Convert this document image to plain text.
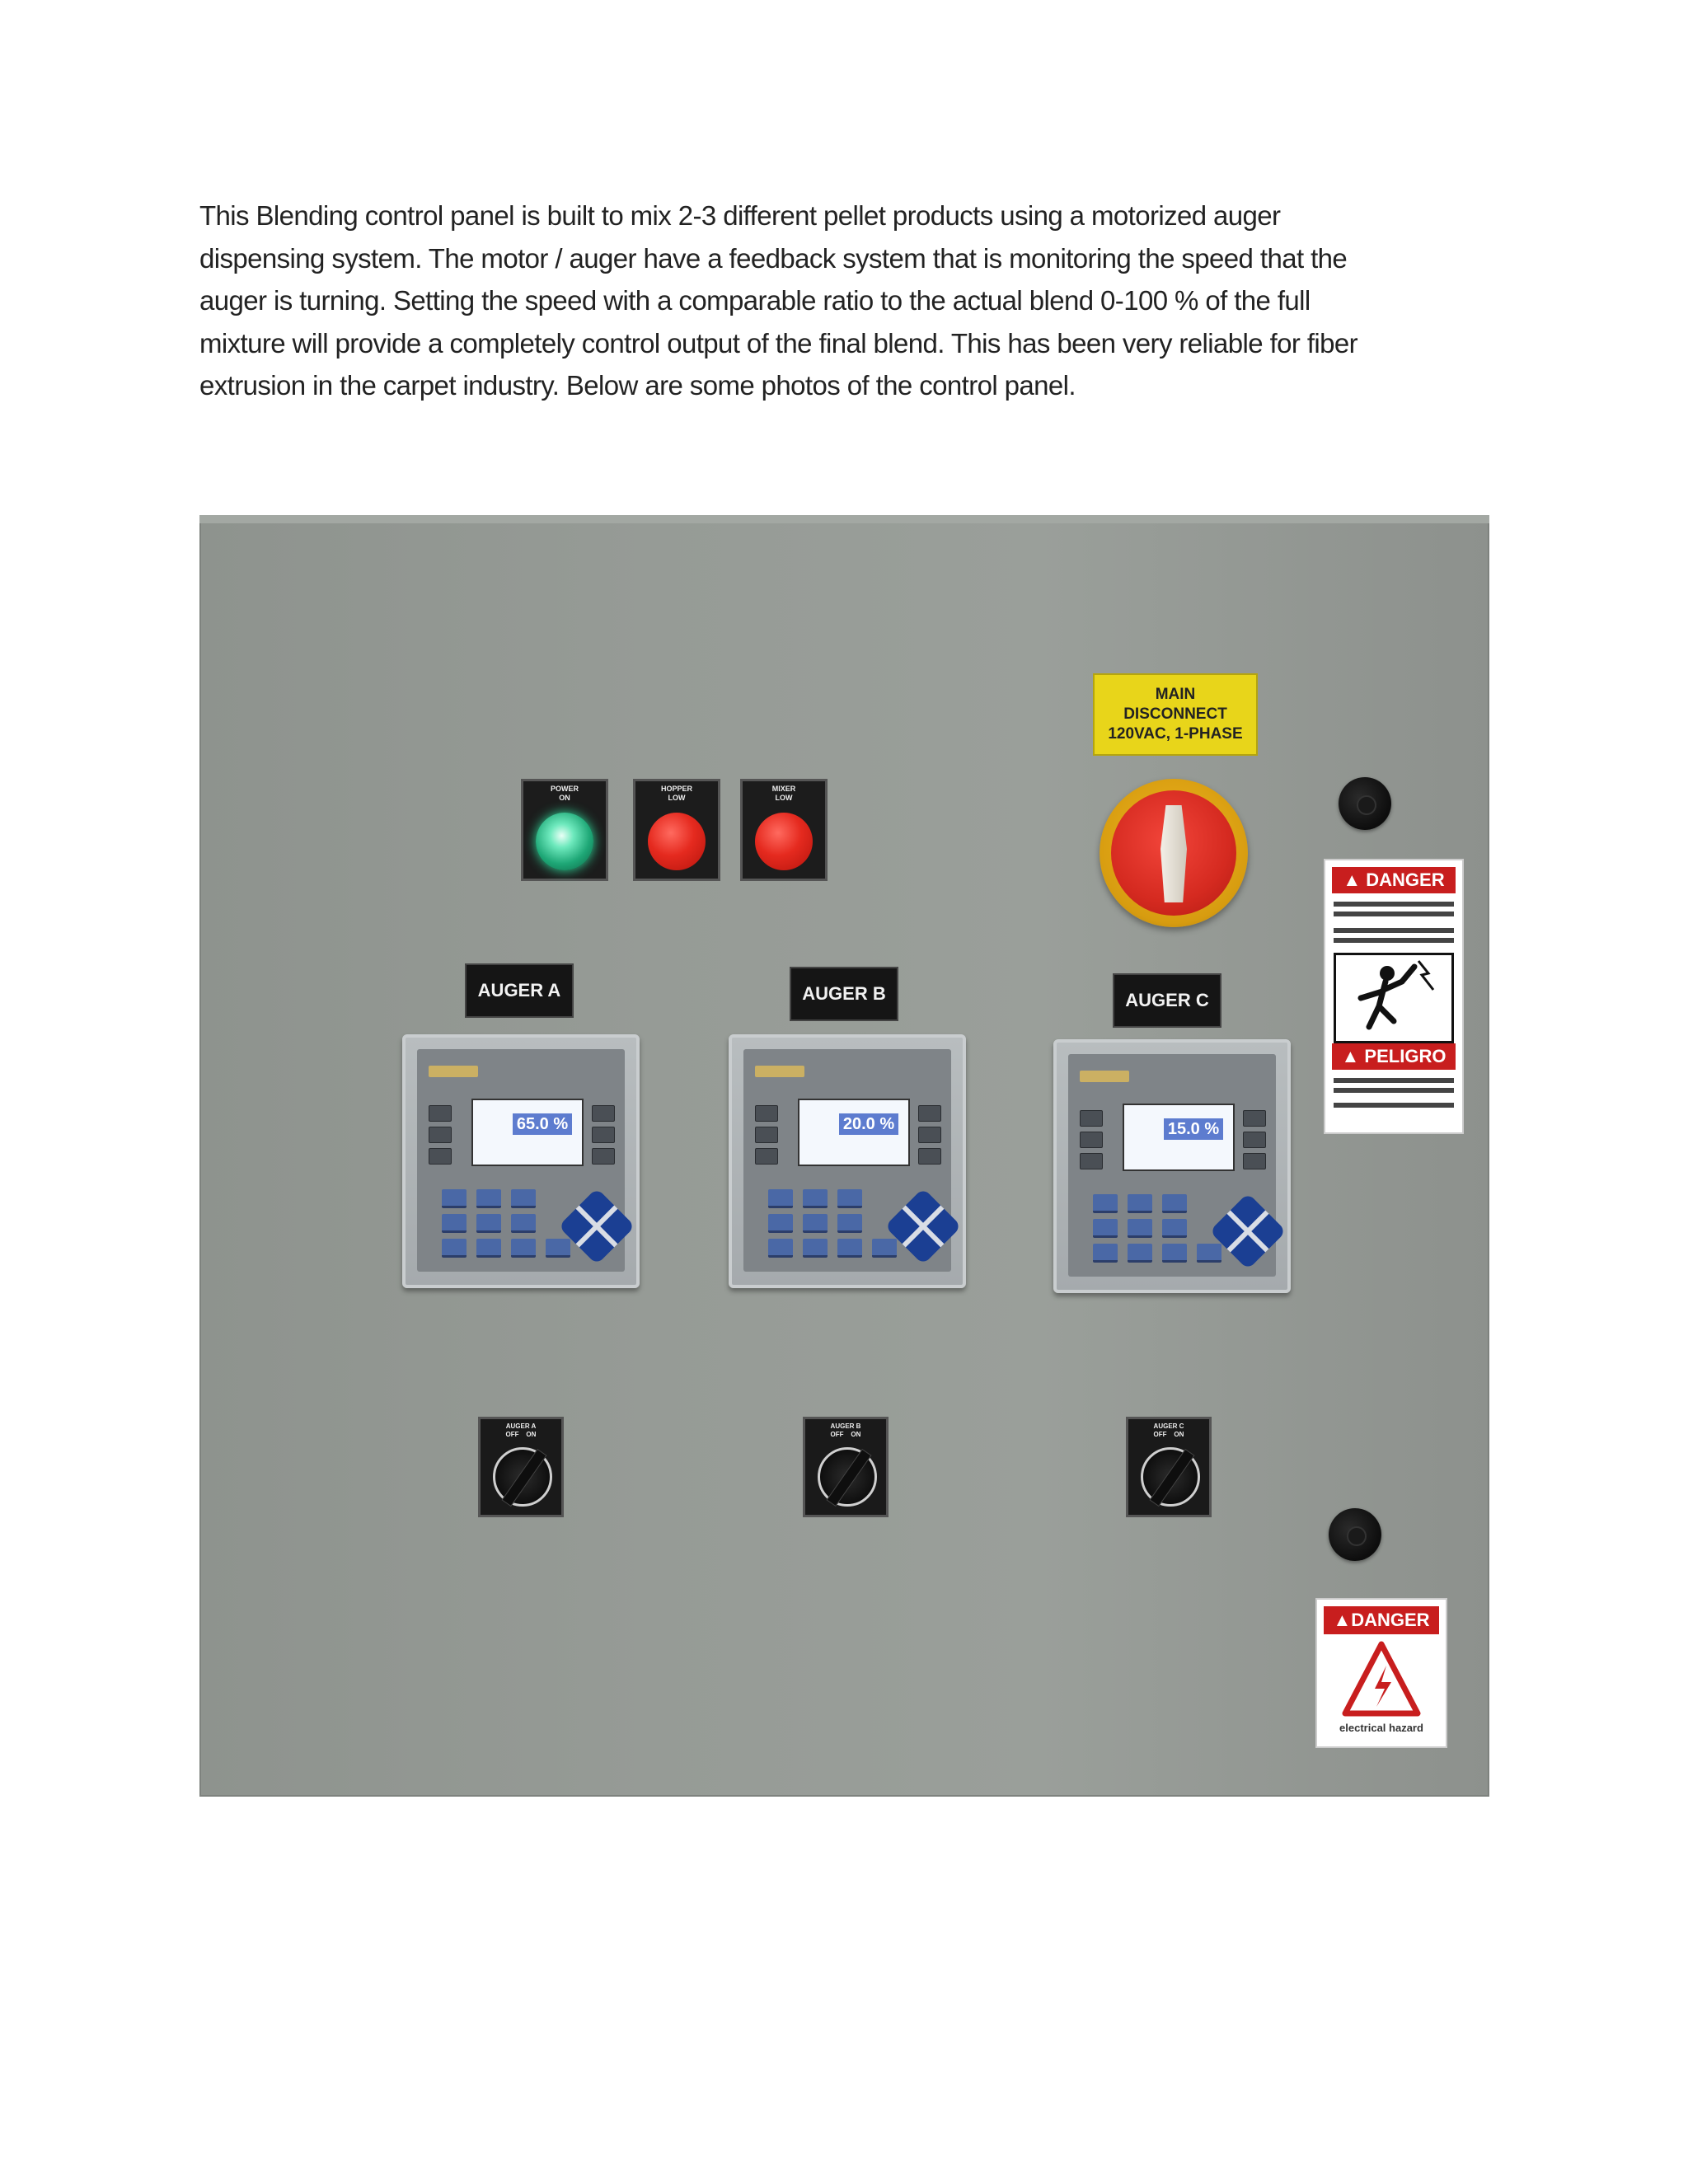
This Blending control panel is built to mix 2-3 different pellet products using a motorized auger
dispensing system. The motor / auger have a feedback system that is monitoring the speed that the
auger is turning. Setting the speed with a comparable ratio to the actual blend 0-100 % of the full
mixture will provide a completely control output of the final blend. This has been very reliable for fiber
extrusion in the carpet industry. Below are some photos of the control panel.
MAIN
DISCONNECT
120VAC, 1-PHASE
POWER
ON
HOPPER
LOW
MIXER
LOW
AUGER A	AUGER B	AUGER C
65.0 %	20.0 %	15.0 %
AUGER A
OFF    ON
AUGER B
OFF    ON
AUGER C
OFF    ON
▲ DANGER
▲ PELIGRO
▲DANGER
electrical hazard
